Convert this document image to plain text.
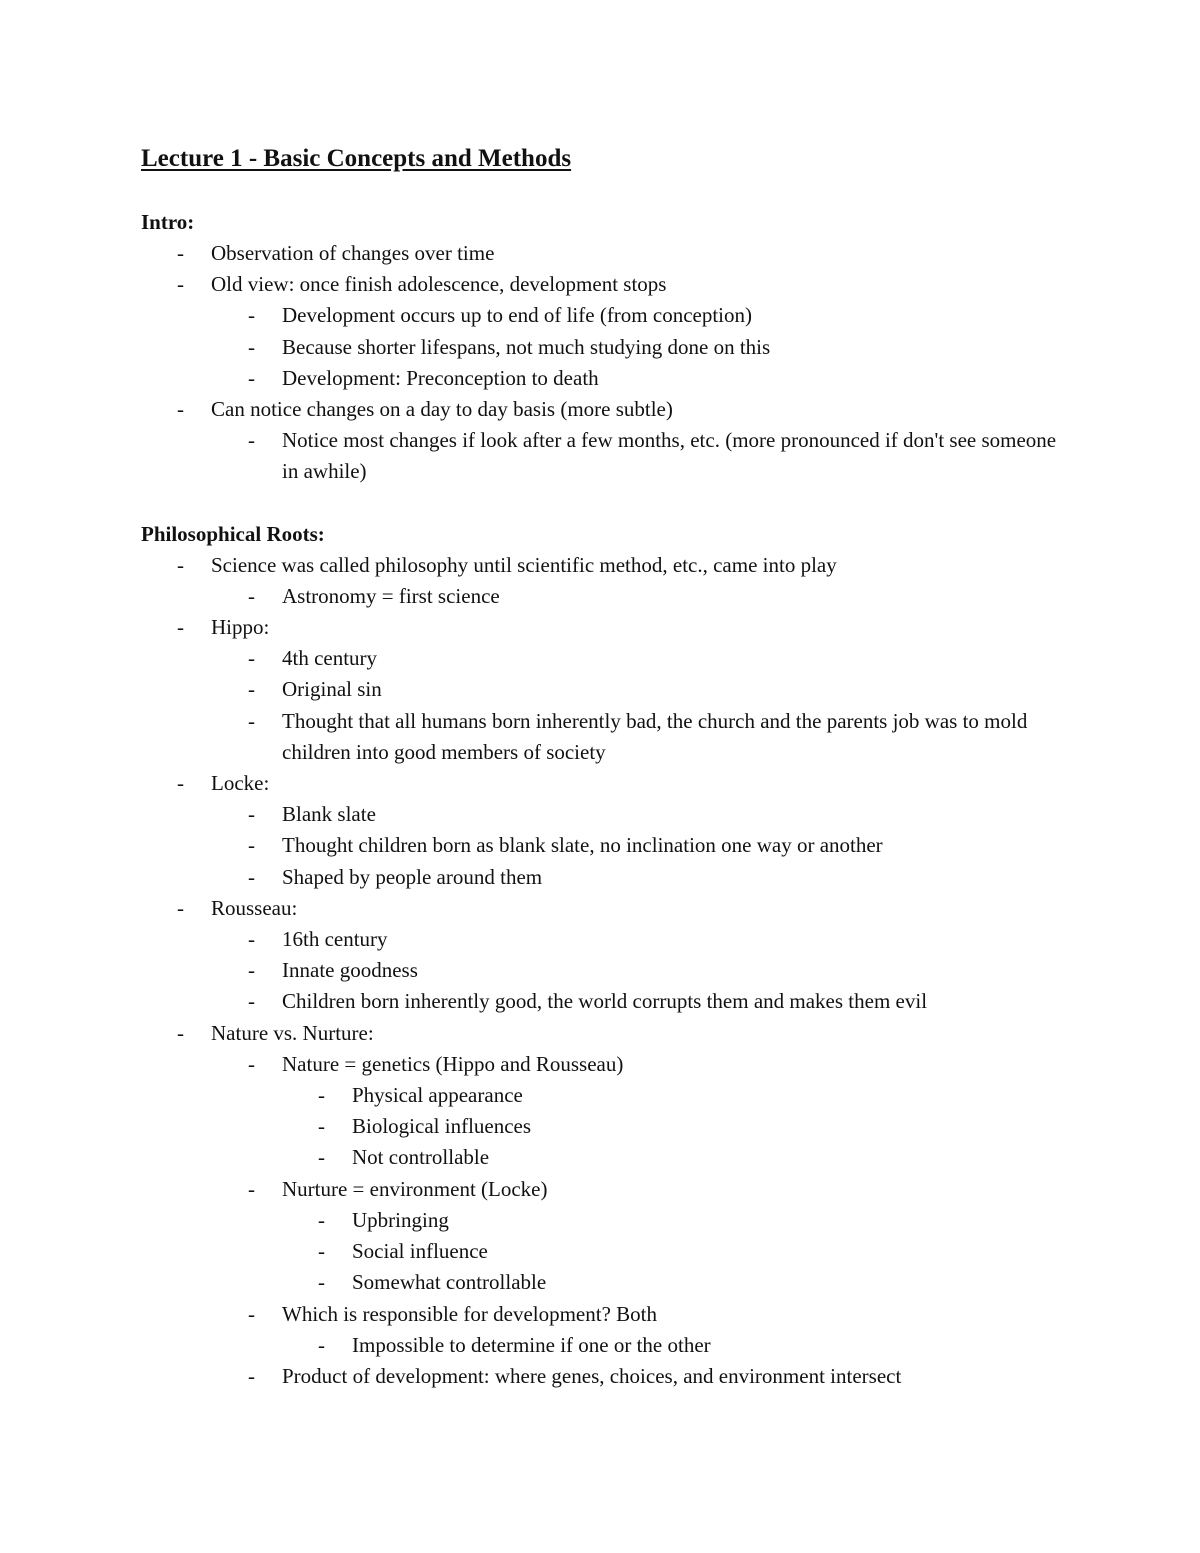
Lecture 1 - Basic Concepts and Methods
Intro:
- Observation of changes over time
- Old view: once finish adolescence, development stops
- Development occurs up to end of life (from conception)
- Because shorter lifespans, not much studying done on this
- Development: Preconception to death
- Can notice changes on a day to day basis (more subtle)
- Notice most changes if look after a few months, etc. (more pronounced if don't see someone in awhile)
Philosophical Roots:
- Science was called philosophy until scientific method, etc., came into play
- Astronomy = first science
- Hippo:
- 4th century
- Original sin
- Thought that all humans born inherently bad, the church and the parents job was to mold children into good members of society
- Locke:
- Blank slate
- Thought children born as blank slate, no inclination one way or another
- Shaped by people around them
- Rousseau:
- 16th century
- Innate goodness
- Children born inherently good, the world corrupts them and makes them evil
- Nature vs. Nurture:
- Nature = genetics (Hippo and Rousseau)
- Physical appearance
- Biological influences
- Not controllable
- Nurture = environment (Locke)
- Upbringing
- Social influence
- Somewhat controllable
- Which is responsible for development? Both
- Impossible to determine if one or the other
- Product of development: where genes, choices, and environment intersect
